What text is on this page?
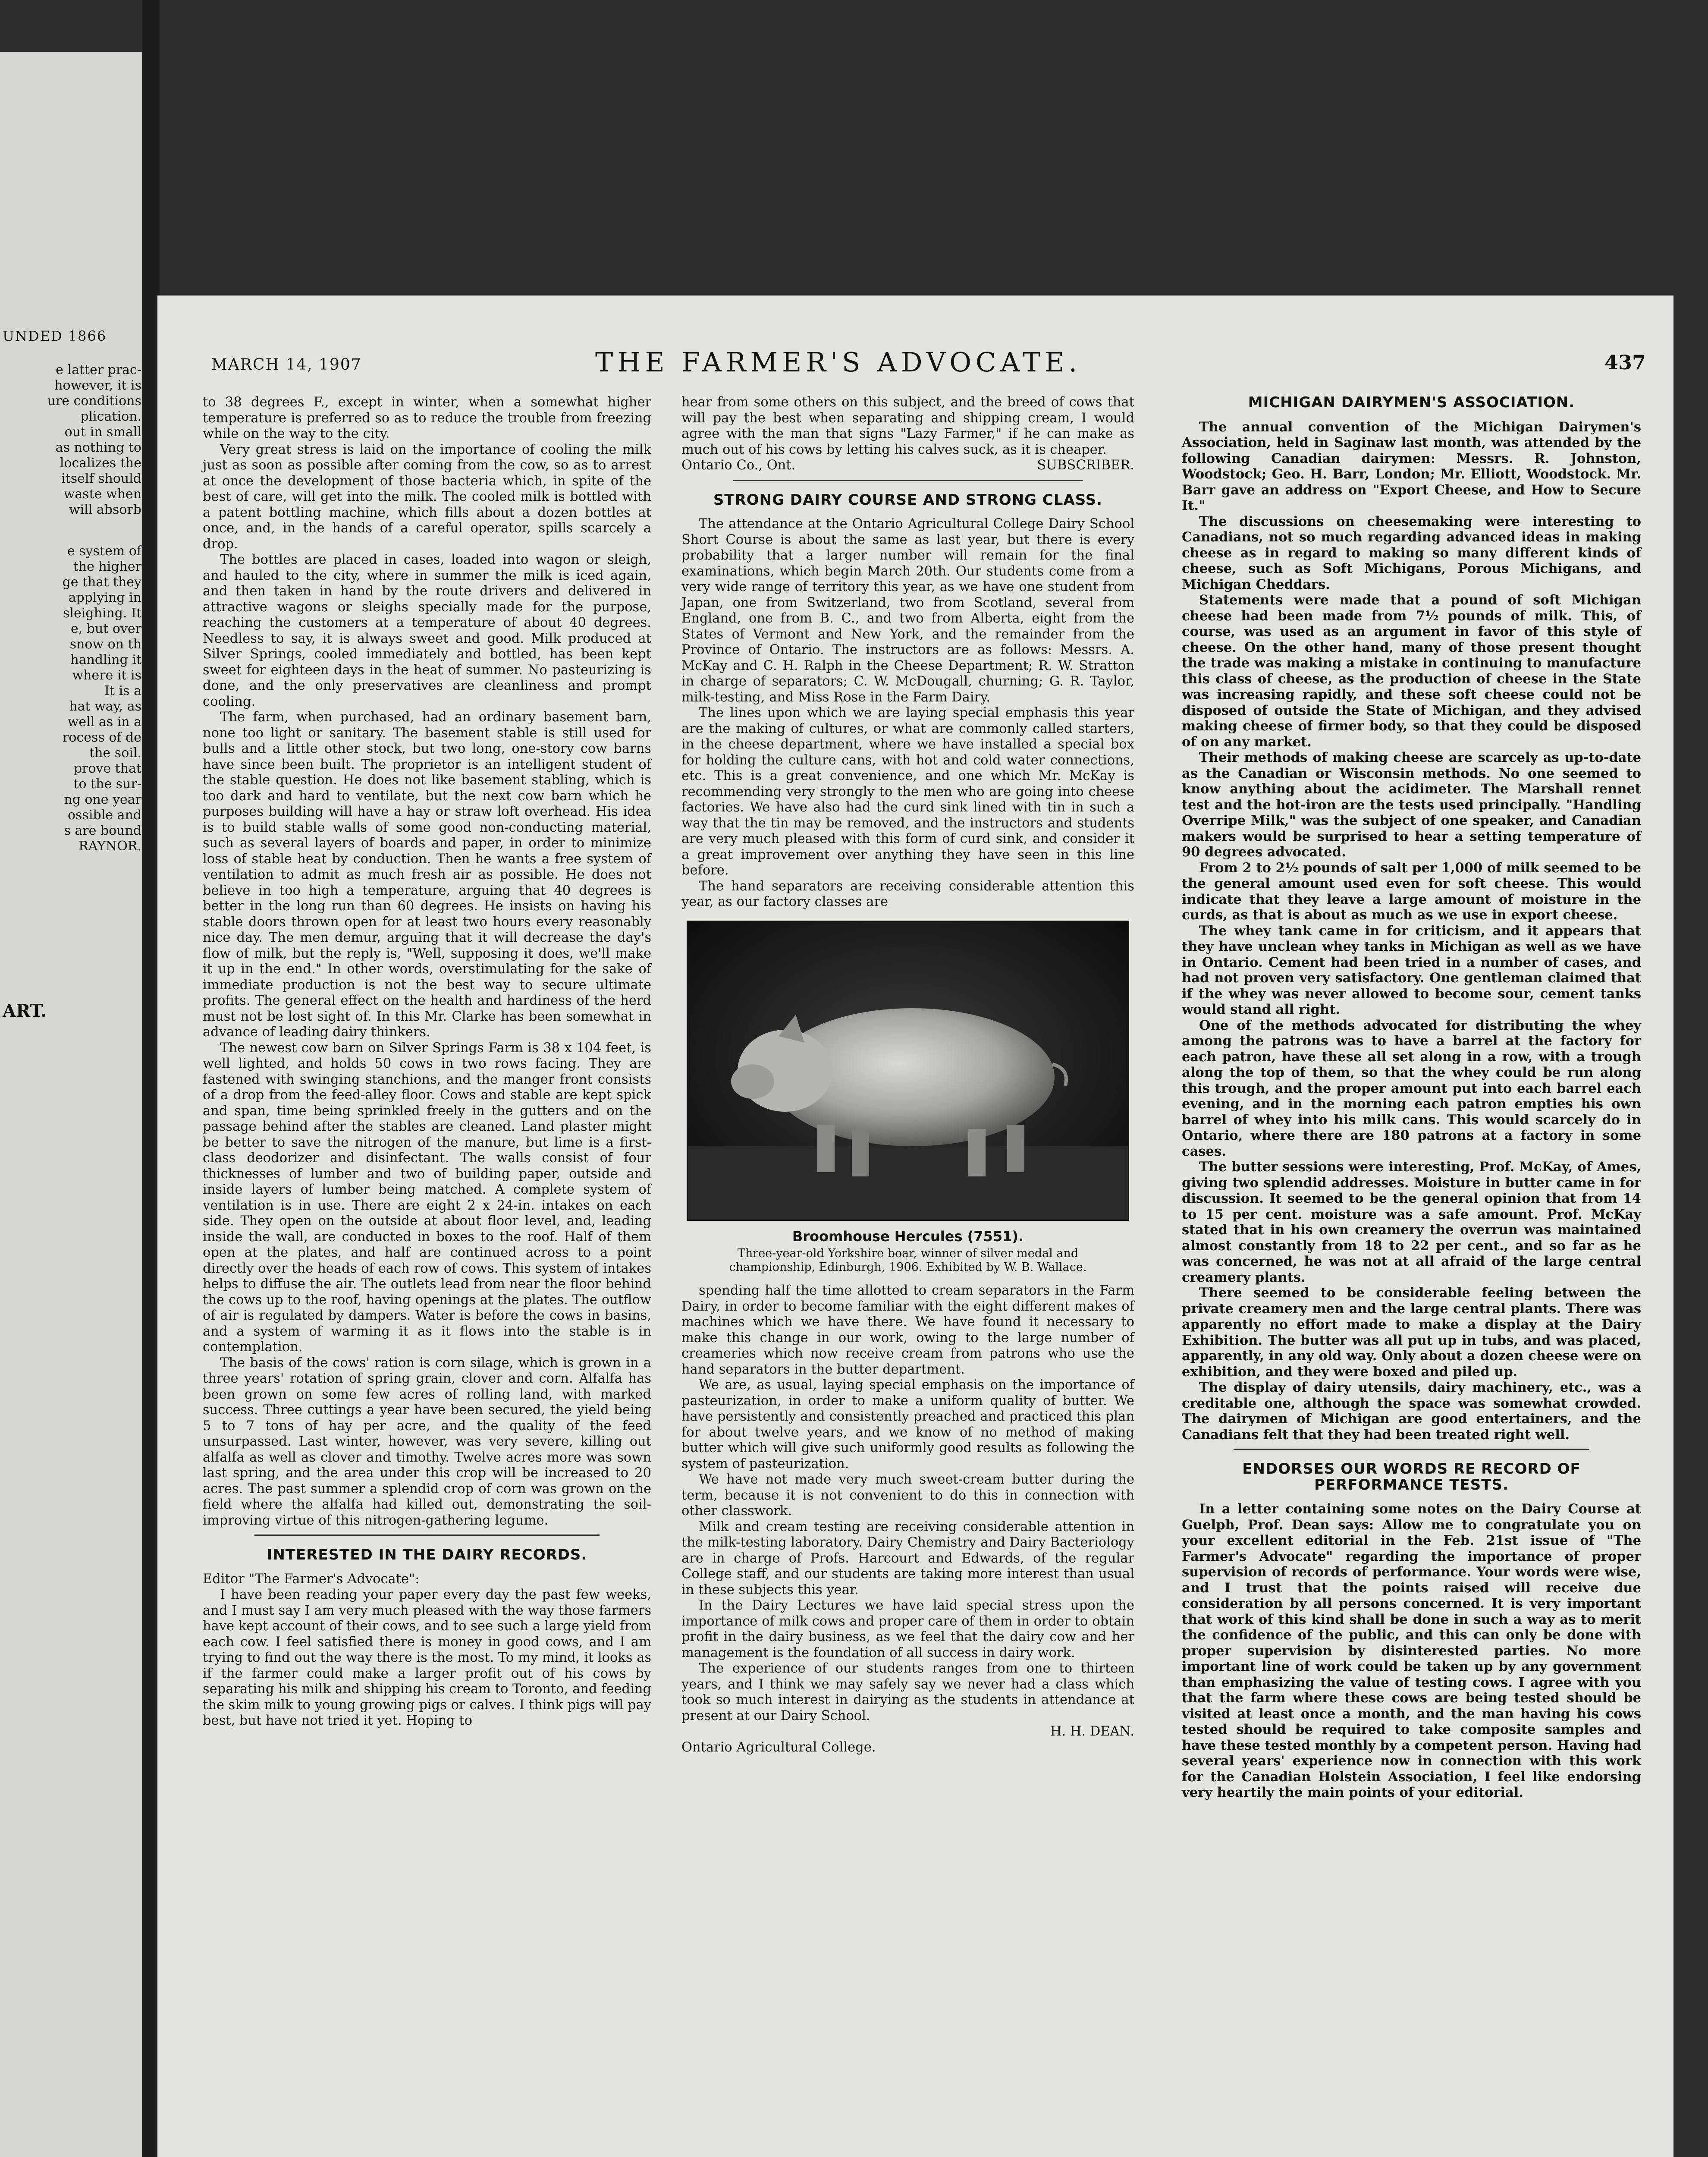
UNDED 1866
e latter prac-
however, it is
ure conditions
plication.
out in small
as nothing to
localizes the
itself should
waste when
will absorb
e system of
the higher
ge that they
applying in
sleighing. It
e, but over
snow on th
handling it
where it is
It is a
hat way, as
well as in a
rocess of de
the soil.
prove that
to the sur-
ng one year
ossible and
s are bound
RAYNOR.
ART.
MARCH 14, 1907	THE FARMER'S ADVOCATE.	437

to 38 degrees F., except in winter, when a somewhat higher temperature is preferred so as to reduce the trouble from freezing while on the way to the city.

Very great stress is laid on the importance of cooling the milk just as soon as possible after coming from the cow, so as to arrest at once the development of those bacteria which, in spite of the best of care, will get into the milk. The cooled milk is bottled with a patent bottling machine, which fills about a dozen bottles at once, and, in the hands of a careful operator, spills scarcely a drop.

The bottles are placed in cases, loaded into wagon or sleigh, and hauled to the city, where in summer the milk is iced again, and then taken in hand by the route drivers and delivered in attractive wagons or sleighs specially made for the purpose, reaching the customers at a temperature of about 40 degrees. Needless to say, it is always sweet and good. Milk produced at Silver Springs, cooled immediately and bottled, has been kept sweet for eighteen days in the heat of summer. No pasteurizing is done, and the only preservatives are cleanliness and prompt cooling.

The farm, when purchased, had an ordinary basement barn, none too light or sanitary. The basement stable is still used for bulls and a little other stock, but two long, one-story cow barns have since been built. The proprietor is an intelligent student of the stable question. He does not like basement stabling, which is too dark and hard to ventilate, but the next cow barn which he purposes building will have a hay or straw loft overhead. His idea is to build stable walls of some good non-conducting material, such as several layers of boards and paper, in order to minimize loss of stable heat by conduction. Then he wants a free system of ventilation to admit as much fresh air as possible. He does not believe in too high a temperature, arguing that 40 degrees is better in the long run than 60 degrees. He insists on having his stable doors thrown open for at least two hours every reasonably nice day. The men demur, arguing that it will decrease the day's flow of milk, but the reply is, "Well, supposing it does, we'll make it up in the end." In other words, overstimulating for the sake of immediate production is not the best way to secure ultimate profits. The general effect on the health and hardiness of the herd must not be lost sight of. In this Mr. Clarke has been somewhat in advance of leading dairy thinkers.

The newest cow barn on Silver Springs Farm is 38 x 104 feet, is well lighted, and holds 50 cows in two rows facing. They are fastened with swinging stanchions, and the manger front consists of a drop from the feed-alley floor. Cows and stable are kept spick and span, time being sprinkled freely in the gutters and on the passage behind after the stables are cleaned. Land plaster might be better to save the nitrogen of the manure, but lime is a first-class deodorizer and disinfectant. The walls consist of four thicknesses of lumber and two of building paper, outside and inside layers of lumber being matched. A complete system of ventilation is in use. There are eight 2 x 24-in. intakes on each side. They open on the outside at about floor level, and, leading inside the wall, are conducted in boxes to the roof. Half of them open at the plates, and half are continued across to a point directly over the heads of each row of cows. This system of intakes helps to diffuse the air. The outlets lead from near the floor behind the cows up to the roof, having openings at the plates. The outflow of air is regulated by dampers. Water is before the cows in basins, and a system of warming it as it flows into the stable is in contemplation.

The basis of the cows' ration is corn silage, which is grown in a three years' rotation of spring grain, clover and corn. Alfalfa has been grown on some few acres of rolling land, with marked success. Three cuttings a year have been secured, the yield being 5 to 7 tons of hay per acre, and the quality of the feed unsurpassed. Last winter, however, was very severe, killing out alfalfa as well as clover and timothy. Twelve acres more was sown last spring, and the area under this crop will be increased to 20 acres. The past summer a splendid crop of corn was grown on the field where the alfalfa had killed out, demonstrating the soil-improving virtue of this nitrogen-gathering legume.

INTERESTED IN THE DAIRY RECORDS.

Editor "The Farmer's Advocate":

I have been reading your paper every day the past few weeks, and I must say I am very much pleased with the way those farmers have kept account of their cows, and to see such a large yield from each cow. I feel satisfied there is money in good cows, and I am trying to find out the way there is the most. To my mind, it looks as if the farmer could make a larger profit out of his cows by separating his milk and shipping his cream to Toronto, and feeding the skim milk to young growing pigs or calves. I think pigs will pay best, but have not tried it yet. Hoping to

hear from some others on this subject, and the breed of cows that will pay the best when separating and shipping cream, I would agree with the man that signs "Lazy Farmer," if he can make as much out of his cows by letting his calves suck, as it is cheaper.

Ontario Co., Ont.	SUBSCRIBER.

STRONG DAIRY COURSE AND STRONG CLASS.

The attendance at the Ontario Agricultural College Dairy School Short Course is about the same as last year, but there is every probability that a larger number will remain for the final examinations, which begin March 20th. Our students come from a very wide range of territory this year, as we have one student from Japan, one from Switzerland, two from Scotland, several from England, one from B. C., and two from Alberta, eight from the States of Vermont and New York, and the remainder from the Province of Ontario. The instructors are as follows: Messrs. A. McKay and C. H. Ralph in the Cheese Department; R. W. Stratton in charge of separators; C. W. McDougall, churning; G. R. Taylor, milk-testing, and Miss Rose in the Farm Dairy.

The lines upon which we are laying special emphasis this year are the making of cultures, or what are commonly called starters, in the cheese department, where we have installed a special box for holding the culture cans, with hot and cold water connections, etc. This is a great convenience, and one which Mr. McKay is recommending very strongly to the men who are going into cheese factories. We have also had the curd sink lined with tin in such a way that the tin may be removed, and the instructors and students are very much pleased with this form of curd sink, and consider it a great improvement over anything they have seen in this line before.

The hand separators are receiving considerable attention this year, as our factory classes are

Broomhouse Hercules (7551).
Three-year-old Yorkshire boar, winner of silver medal and championship, Edinburgh, 1906. Exhibited by W. B. Wallace.

spending half the time allotted to cream separators in the Farm Dairy, in order to become familiar with the eight different makes of machines which we have there. We have found it necessary to make this change in our work, owing to the large number of creameries which now receive cream from patrons who use the hand separators in the butter department.

We are, as usual, laying special emphasis on the importance of pasteurization, in order to make a uniform quality of butter. We have persistently and consistently preached and practiced this plan for about twelve years, and we know of no method of making butter which will give such uniformly good results as following the system of pasteurization.

We have not made very much sweet-cream butter during the term, because it is not convenient to do this in connection with other classwork.

Milk and cream testing are receiving considerable attention in the milk-testing laboratory. Dairy Chemistry and Dairy Bacteriology are in charge of Profs. Harcourt and Edwards, of the regular College staff, and our students are taking more interest than usual in these subjects this year.

In the Dairy Lectures we have laid special stress upon the importance of milk cows and proper care of them in order to obtain profit in the dairy business, as we feel that the dairy cow and her management is the foundation of all success in dairy work.

The experience of our students ranges from one to thirteen years, and I think we may safely say we never had a class which took so much interest in dairying as the students in attendance at present at our Dairy School.

H. H. DEAN.

Ontario Agricultural College.

MICHIGAN DAIRYMEN'S ASSOCIATION.

The annual convention of the Michigan Dairymen's Association, held in Saginaw last month, was attended by the following Canadian dairymen: Messrs. R. Johnston, Woodstock; Geo. H. Barr, London; Mr. Elliott, Woodstock. Mr. Barr gave an address on "Export Cheese, and How to Secure It."

The discussions on cheesemaking were interesting to Canadians, not so much regarding advanced ideas in making cheese as in regard to making so many different kinds of cheese, such as Soft Michigans, Porous Michigans, and Michigan Cheddars.

Statements were made that a pound of soft Michigan cheese had been made from 7½ pounds of milk. This, of course, was used as an argument in favor of this style of cheese. On the other hand, many of those present thought the trade was making a mistake in continuing to manufacture this class of cheese, as the production of cheese in the State was increasing rapidly, and these soft cheese could not be disposed of outside the State of Michigan, and they advised making cheese of firmer body, so that they could be disposed of on any market.

Their methods of making cheese are scarcely as up-to-date as the Canadian or Wisconsin methods. No one seemed to know anything about the acidimeter. The Marshall rennet test and the hot-iron are the tests used principally. "Handling Overripe Milk," was the subject of one speaker, and Canadian makers would be surprised to hear a setting temperature of 90 degrees advocated.

From 2 to 2½ pounds of salt per 1,000 of milk seemed to be the general amount used even for soft cheese. This would indicate that they leave a large amount of moisture in the curds, as that is about as much as we use in export cheese.

The whey tank came in for criticism, and it appears that they have unclean whey tanks in Michigan as well as we have in Ontario. Cement had been tried in a number of cases, and had not proven very satisfactory. One gentleman claimed that if the whey was never allowed to become sour, cement tanks would stand all right.

One of the methods advocated for distributing the whey among the patrons was to have a barrel at the factory for each patron, have these all set along in a row, with a trough along the top of them, so that the whey could be run along this trough, and the proper amount put into each barrel each evening, and in the morning each patron empties his own barrel of whey into his milk cans. This would scarcely do in Ontario, where there are 180 patrons at a factory in some cases.

The butter sessions were interesting, Prof. McKay, of Ames, giving two splendid addresses. Moisture in butter came in for discussion. It seemed to be the general opinion that from 14 to 15 per cent. moisture was a safe amount. Prof. McKay stated that in his own creamery the overrun was maintained almost constantly from 18 to 22 per cent., and so far as he was concerned, he was not at all afraid of the large central creamery plants.

There seemed to be considerable feeling between the private creamery men and the large central plants. There was apparently no effort made to make a display at the Dairy Exhibition. The butter was all put up in tubs, and was placed, apparently, in any old way. Only about a dozen cheese were on exhibition, and they were boxed and piled up.

The display of dairy utensils, dairy machinery, etc., was a creditable one, although the space was somewhat crowded. The dairymen of Michigan are good entertainers, and the Canadians felt that they had been treated right well.

ENDORSES OUR WORDS RE RECORD OF PERFORMANCE TESTS.

In a letter containing some notes on the Dairy Course at Guelph, Prof. Dean says: Allow me to congratulate you on your excellent editorial in the Feb. 21st issue of "The Farmer's Advocate" regarding the importance of proper supervision of records of performance. Your words were wise, and I trust that the points raised will receive due consideration by all persons concerned. It is very important that work of this kind shall be done in such a way as to merit the confidence of the public, and this can only be done with proper supervision by disinterested parties. No more important line of work could be taken up by any government than emphasizing the value of testing cows. I agree with you that the farm where these cows are being tested should be visited at least once a month, and the man having his cows tested should be required to take composite samples and have these tested monthly by a competent person. Having had several years' experience now in connection with this work for the Canadian Holstein Association, I feel like endorsing very heartily the main points of your editorial.
